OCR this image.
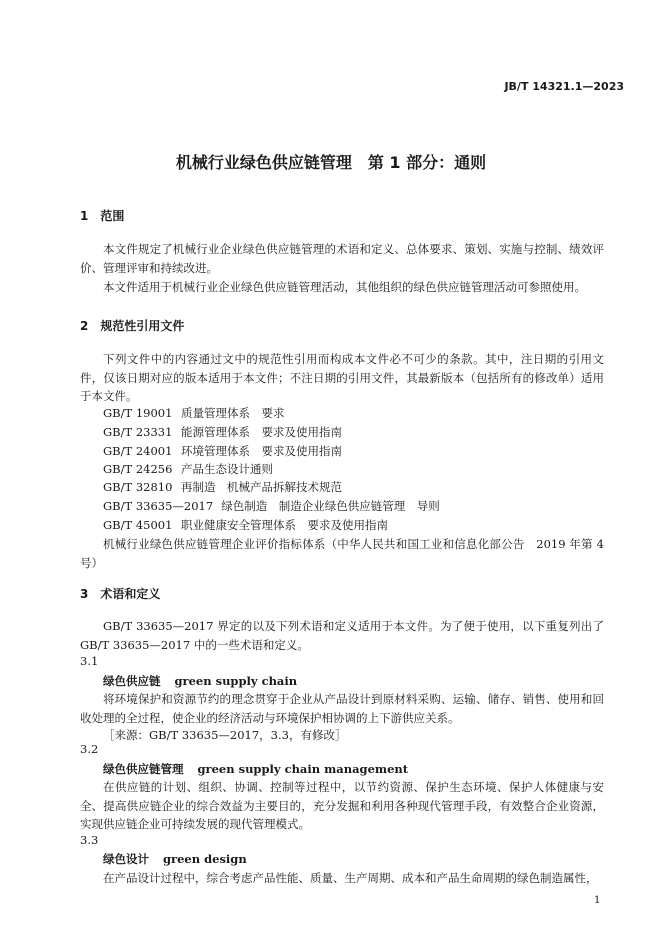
JB/T 14321.1—2023
机械行业绿色供应链管理　第 1 部分：通则
1　 范围
本文件规定了机械行业企业绿色供应链管理的术语和定义、总体要求、策划、实施与控制、绩效评价、管理评审和持续改进。
本文件适用于机械行业企业绿色供应链管理活动，其他组织的绿色供应链管理活动可参照使用。
2　 规范性引用文件
下列文件中的内容通过文中的规范性引用而构成本文件必不可少的条款。其中，注日期的引用文件，仅该日期对应的版本适用于本文件；不注日期的引用文件，其最新版本（包括所有的修改单）适用于本文件。
GB/T 19001 质量管理体系　要求
GB/T 23331 能源管理体系　要求及使用指南
GB/T 24001 环境管理体系　要求及使用指南
GB/T 24256 产品生态设计通则
GB/T 32810 再制造　机械产品拆解技术规范
GB/T 33635—2017 绿色制造　制造企业绿色供应链管理　导则
GB/T 45001 职业健康安全管理体系　要求及使用指南
机械行业绿色供应链管理企业评价指标体系（中华人民共和国工业和信息化部公告　2019 年第 4 号）
3　 术语和定义
GB/T 33635—2017 界定的以及下列术语和定义适用于本文件。为了便于使用，以下重复列出了 GB/T 33635—2017 中的一些术语和定义。
3.1
绿色供应链 green supply chain
将环境保护和资源节约的理念贯穿于企业从产品设计到原材料采购、运输、储存、销售、使用和回收处理的全过程，使企业的经济活动与环境保护相协调的上下游供应关系。
［来源：GB/T 33635—2017，3.3，有修改］
3.2
绿色供应链管理 green supply chain management
在供应链的计划、组织、协调、控制等过程中，以节约资源、保护生态环境、保护人体健康与安全、提高供应链企业的综合效益为主要目的，充分发掘和利用各种现代管理手段，有效整合企业资源，实现供应链企业可持续发展的现代管理模式。
3.3
绿色设计 green design
在产品设计过程中，综合考虑产品性能、质量、生产周期、成本和产品生命周期的绿色制造属性，
1
